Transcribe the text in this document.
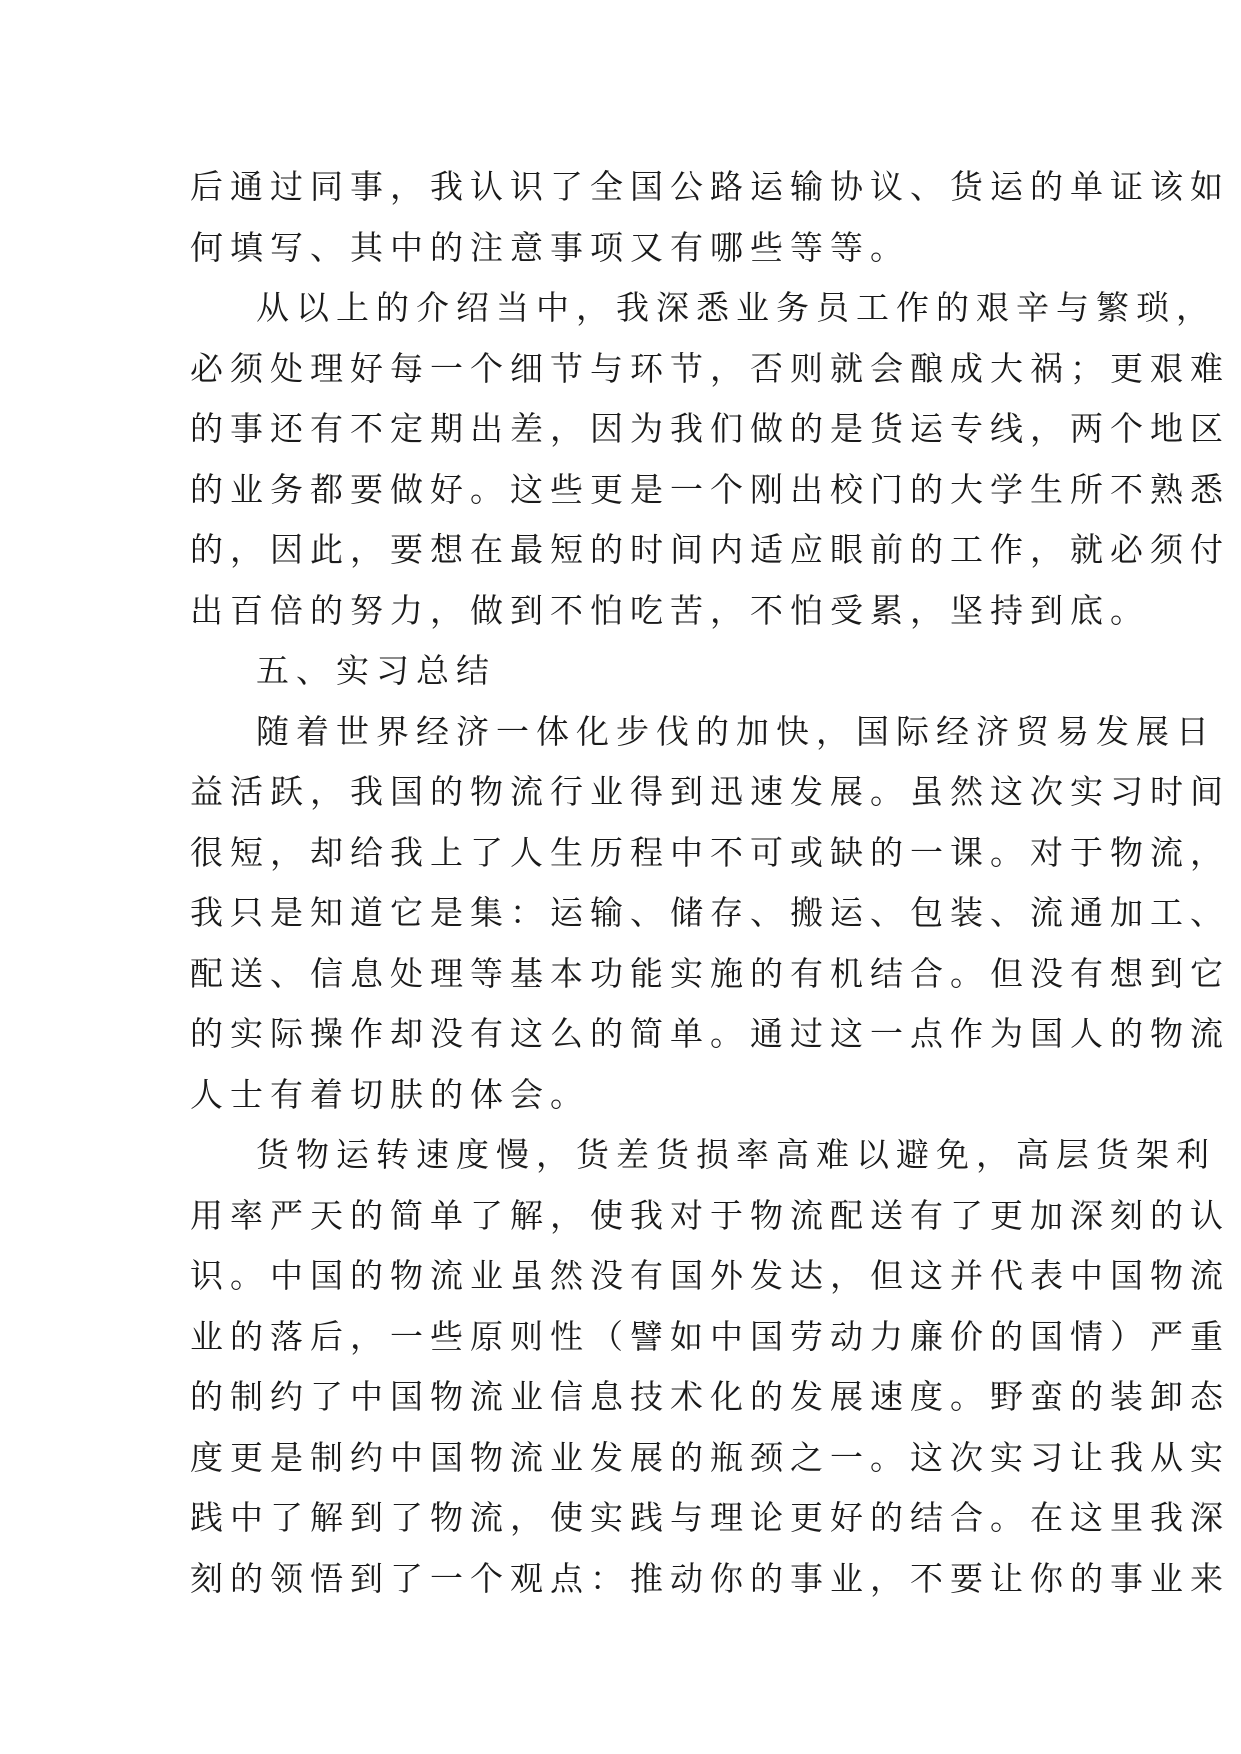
后通过同事，我认识了全国公路运输协议、货运的单证该如
何填写、其中的注意事项又有哪些等等。
从以上的介绍当中，我深悉业务员工作的艰辛与繁琐，
必须处理好每一个细节与环节，否则就会酿成大祸；更艰难
的事还有不定期出差，因为我们做的是货运专线，两个地区
的业务都要做好。这些更是一个刚出校门的大学生所不熟悉
的，因此，要想在最短的时间内适应眼前的工作，就必须付
出百倍的努力，做到不怕吃苦，不怕受累，坚持到底。
五、实习总结
随着世界经济一体化步伐的加快，国际经济贸易发展日
益活跃，我国的物流行业得到迅速发展。虽然这次实习时间
很短，却给我上了人生历程中不可或缺的一课。对于物流，
我只是知道它是集：运输、储存、搬运、包装、流通加工、
配送、信息处理等基本功能实施的有机结合。但没有想到它
的实际操作却没有这么的简单。通过这一点作为国人的物流
人士有着切肤的体会。
货物运转速度慢，货差货损率高难以避免，高层货架利
用率严天的简单了解，使我对于物流配送有了更加深刻的认
识。中国的物流业虽然没有国外发达，但这并代表中国物流
业的落后，一些原则性（譬如中国劳动力廉价的国情）严重
的制约了中国物流业信息技术化的发展速度。野蛮的装卸态
度更是制约中国物流业发展的瓶颈之一。这次实习让我从实
践中了解到了物流，使实践与理论更好的结合。在这里我深
刻的领悟到了一个观点：推动你的事业，不要让你的事业来
